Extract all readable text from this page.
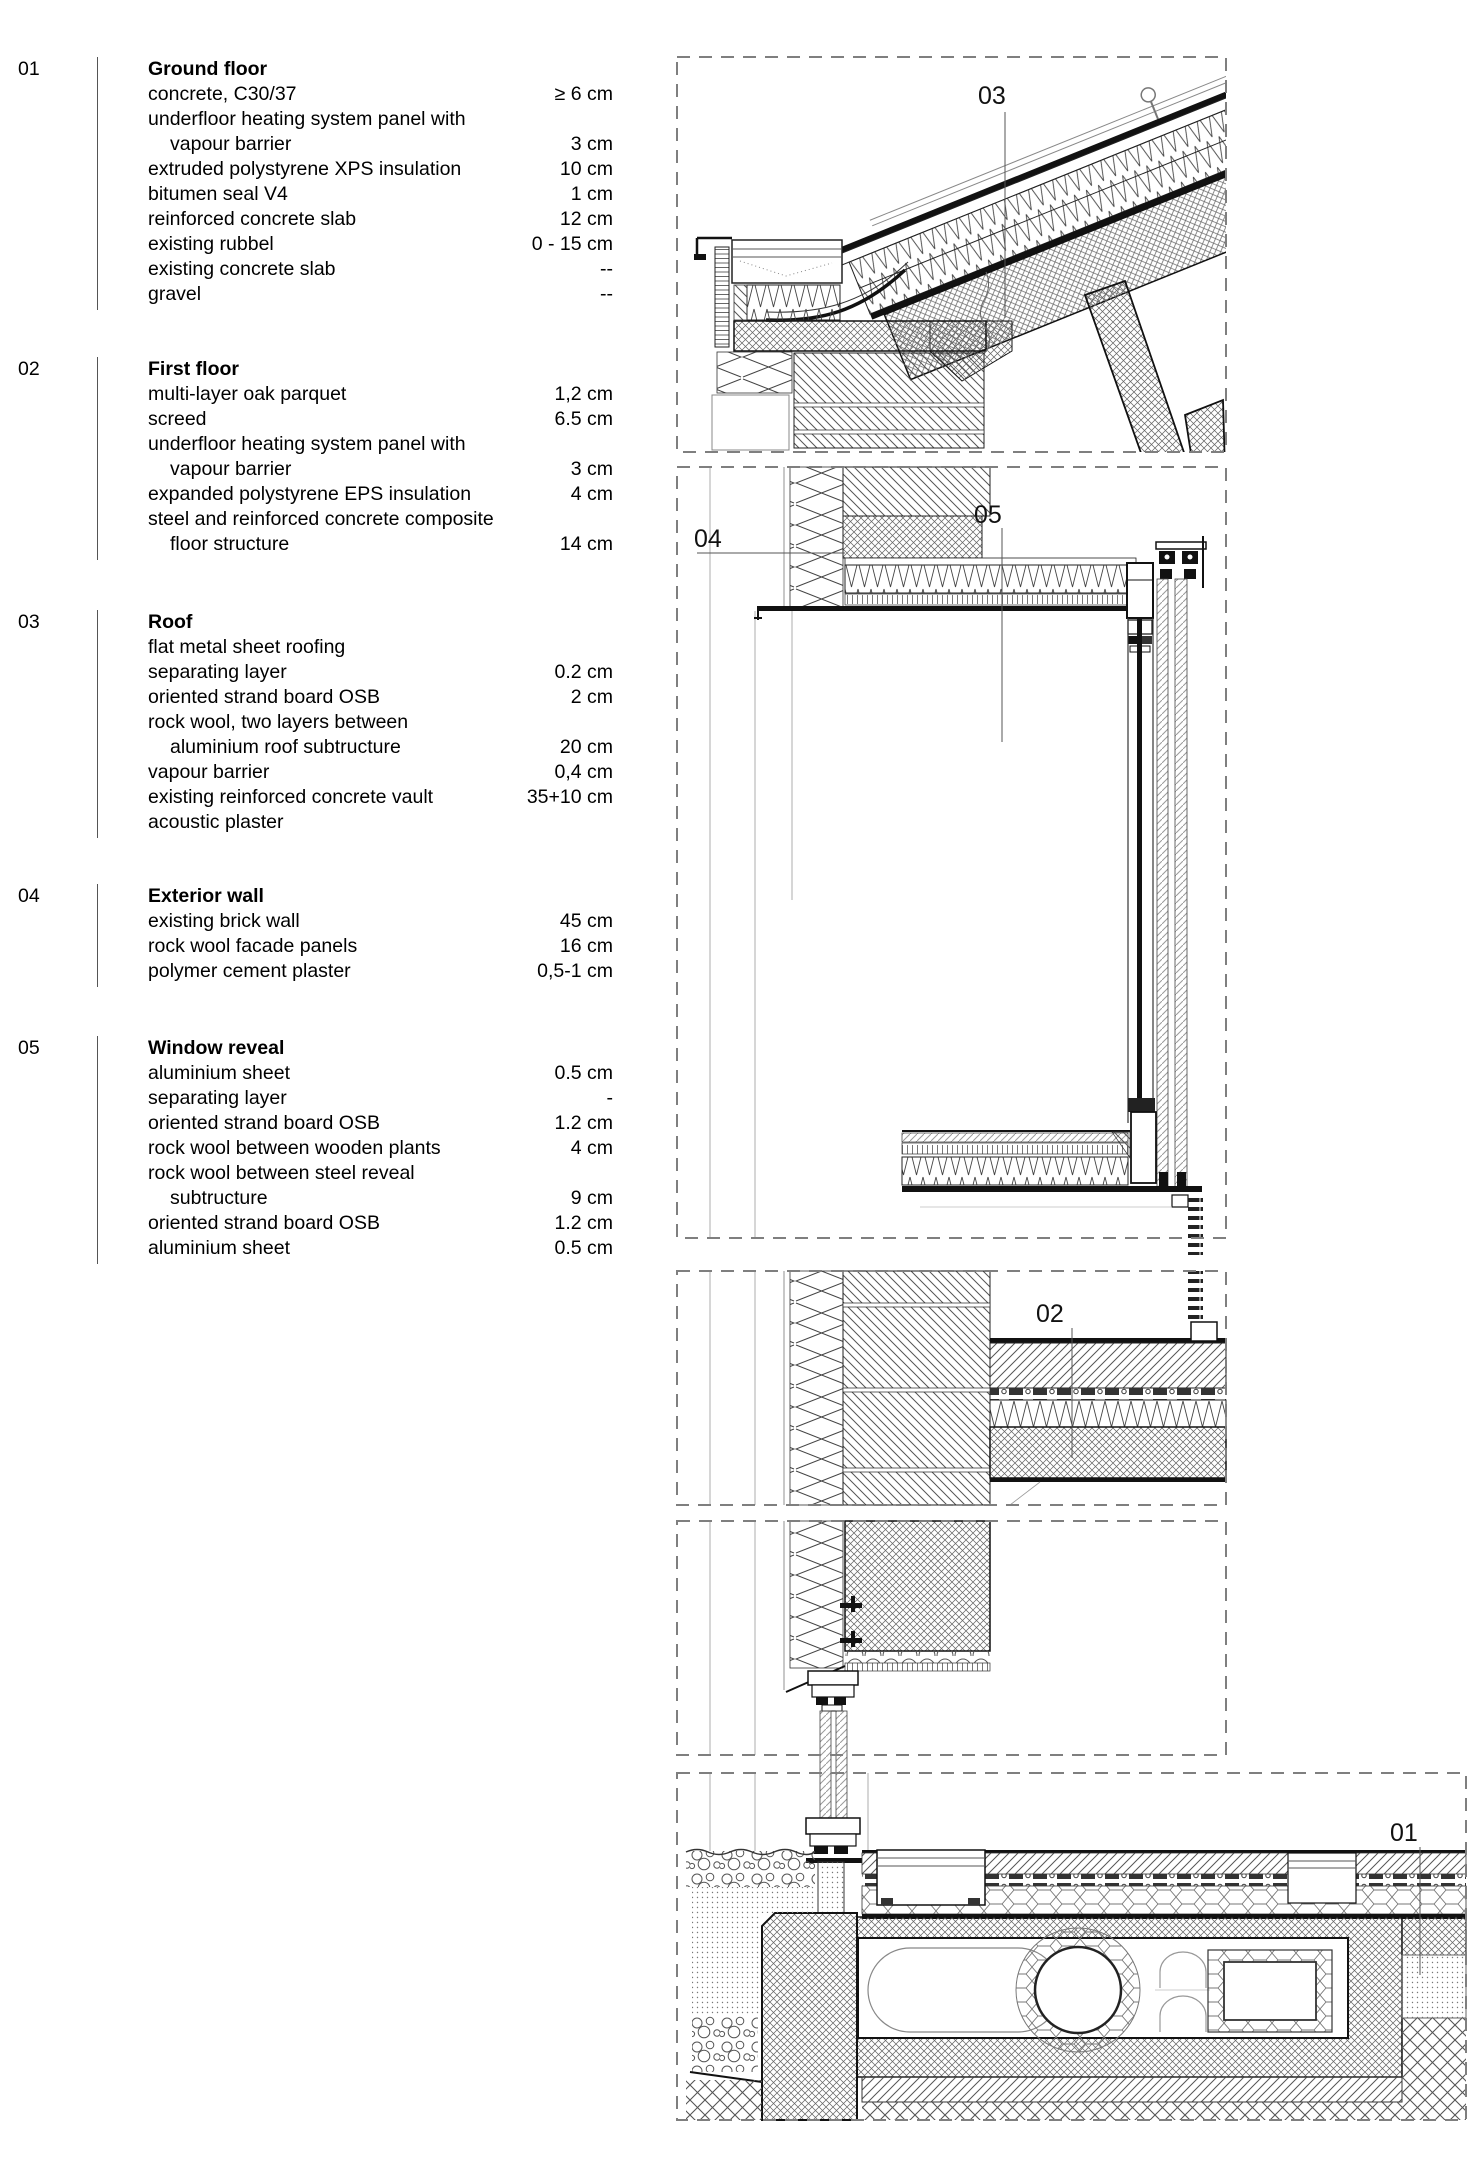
01	Ground floor
concrete, C30/37	≥ 6 cm
underfloor heating system panel with
vapour barrier	3 cm
extruded polystyrene XPS insulation	10 cm
bitumen seal V4	1 cm
reinforced concrete slab	12 cm
existing rubbel	0 - 15 cm
existing concrete slab	--
gravel	--
02	First floor
multi-layer oak parquet	1,2 cm
screed	6.5 cm
underfloor heating system panel with
vapour barrier	3 cm
expanded polystyrene EPS insulation	4 cm
steel and reinforced concrete composite
floor structure	14 cm
03	Roof
flat metal sheet roofing
separating layer	0.2 cm
oriented strand board OSB	2 cm
rock wool, two layers between
aluminium roof subtructure	20 cm
vapour barrier	0,4 cm
existing reinforced concrete vault	35+10 cm
acoustic plaster
04	Exterior wall
existing brick wall	45 cm
rock wool facade panels	16 cm
polymer cement plaster	0,5-1 cm
05	Window reveal
aluminium sheet	0.5 cm
separating layer	-
oriented strand board OSB	1.2 cm
rock wool between wooden plants	4 cm
rock wool between steel reveal
subtructure	9 cm
oriented strand board OSB	1.2 cm
aluminium sheet	0.5 cm
03
04
05
02
01
